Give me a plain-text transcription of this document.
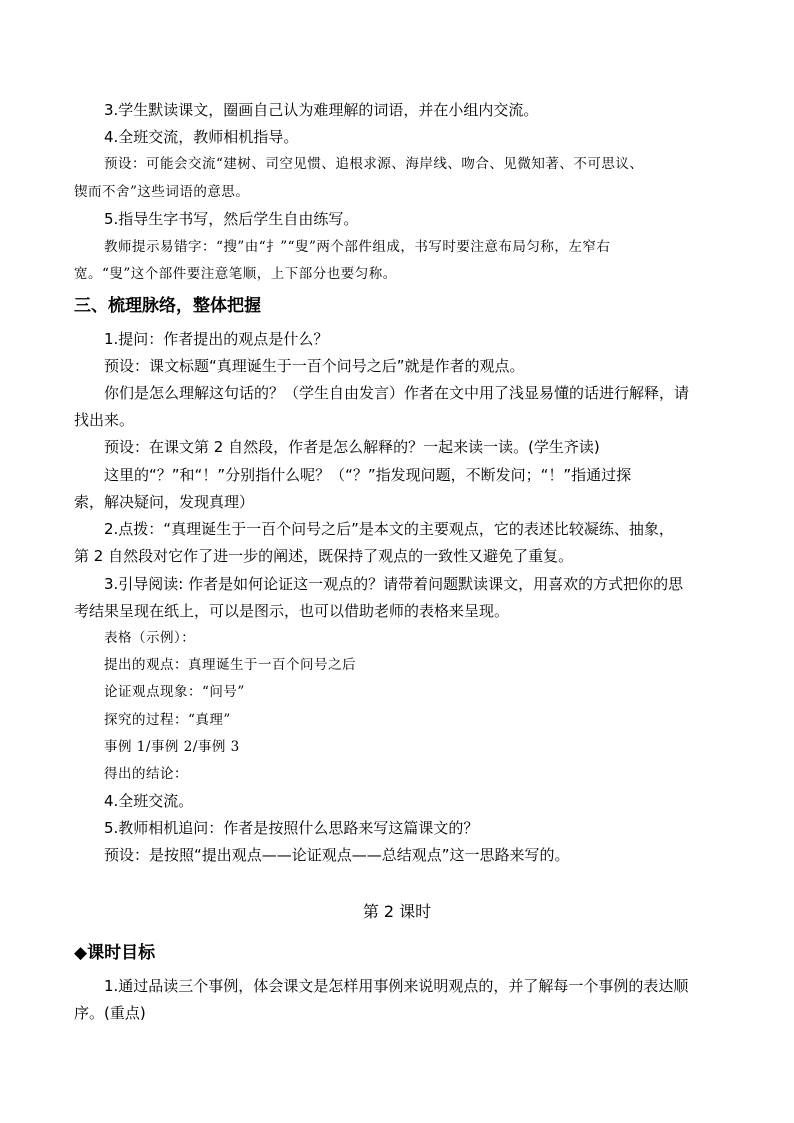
3.学生默读课文，圈画自己认为难理解的词语，并在小组内交流。
4.全班交流，教师相机指导。
预设：可能会交流“建树、司空见惯、追根求源、海岸线、吻合、见微知著、不可思议、
锲而不舍”这些词语的意思。
5.指导生字书写，然后学生自由练写。
教师提示易错字：“搜”由“扌”“叟”两个部件组成，书写时要注意布局匀称，左窄右
宽。“叟”这个部件要注意笔顺，上下部分也要匀称。
三、梳理脉络，整体把握
1.提问：作者提出的观点是什么？
预设：课文标题“真理诞生于一百个问号之后”就是作者的观点。
你们是怎么理解这句话的？（学生自由发言）作者在文中用了浅显易懂的话进行解释，请
找出来。
预设：在课文第 2 自然段，作者是怎么解释的？一起来读一读。(学生齐读)
这里的“？”和“！”分别指什么呢？（“？”指发现问题，不断发问；“！”指通过探
索，解决疑问，发现真理）
2.点拨：“真理诞生于一百个问号之后”是本文的主要观点，它的表述比较凝练、抽象，
第 2 自然段对它作了进一步的阐述，既保持了观点的一致性又避免了重复。
3.引导阅读: 作者是如何论证这一观点的？请带着问题默读课文，用喜欢的方式把你的思
考结果呈现在纸上，可以是图示，也可以借助老师的表格来呈现。
表格（示例）：
提出的观点：真理诞生于一百个问号之后
论证观点现象：“问号”
探究的过程：“真理”
事例 1/事例 2/事例 3
得出的结论：
4.全班交流。
5.教师相机追问：作者是按照什么思路来写这篇课文的？
预设：是按照“提出观点——论证观点——总结观点”这一思路来写的。
第 2 课时
◆课时目标
1.通过品读三个事例，体会课文是怎样用事例来说明观点的，并了解每一个事例的表达顺
序。(重点)
